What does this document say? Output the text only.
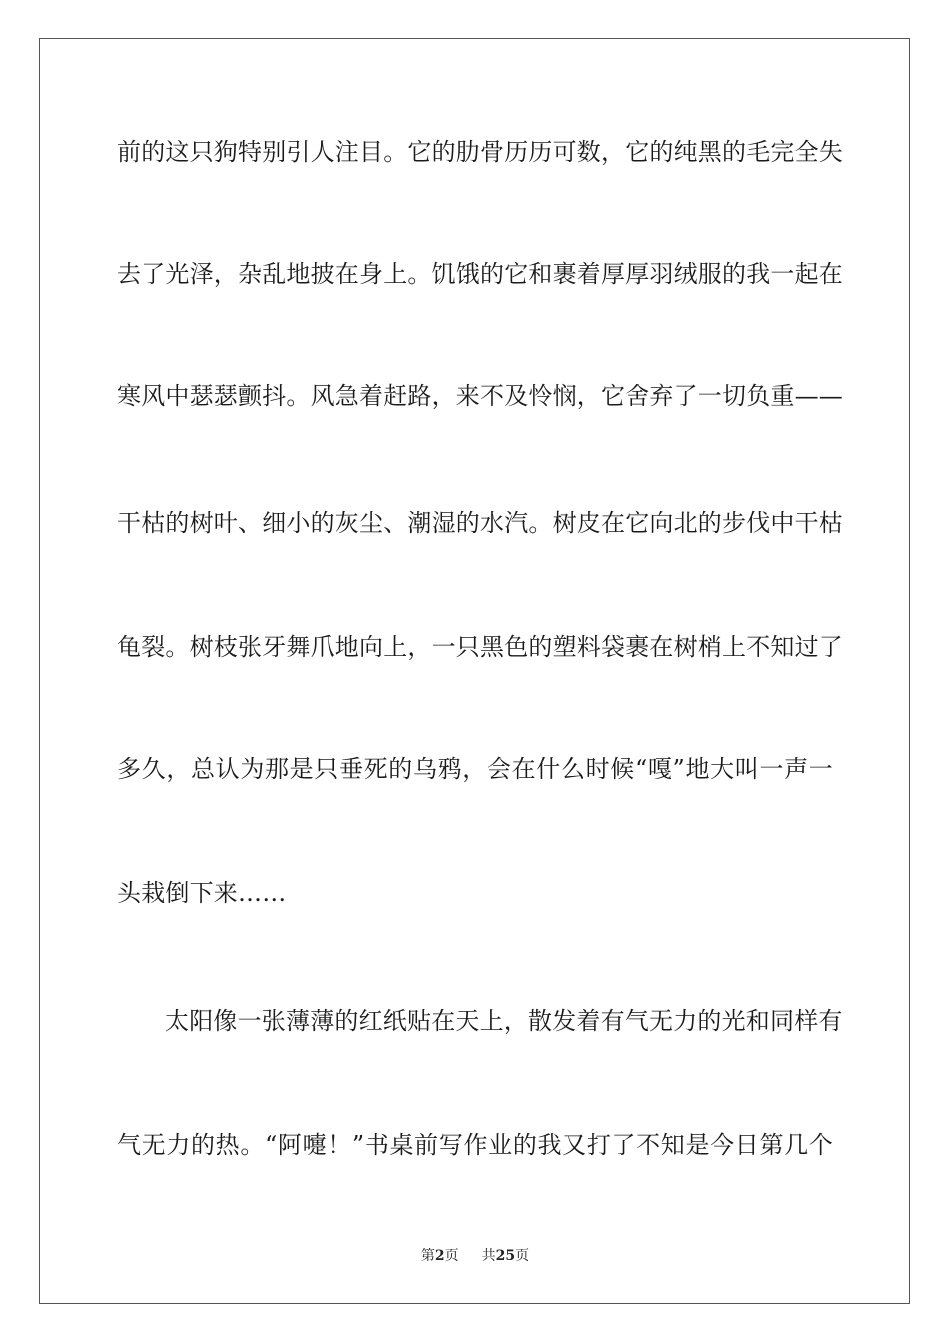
前的这只狗特别引人注目。它的肋骨历历可数，它的纯黑的毛完全失
去了光泽，杂乱地披在身上。饥饿的它和裹着厚厚羽绒服的我一起在
寒风中瑟瑟颤抖。风急着赶路，来不及怜悯，它舍弃了一切负重——
干枯的树叶、细小的灰尘、潮湿的水汽。树皮在它向北的步伐中干枯
龟裂。树枝张牙舞爪地向上，一只黑色的塑料袋裹在树梢上不知过了
多久，总认为那是只垂死的乌鸦，会在什么时候“嘎”地大叫一声一
头栽倒下来……
太阳像一张薄薄的红纸贴在天上，散发着有气无力的光和同样有
气无力的热。“阿嚏！”书桌前写作业的我又打了不知是今日第几个
第2页 共25页
